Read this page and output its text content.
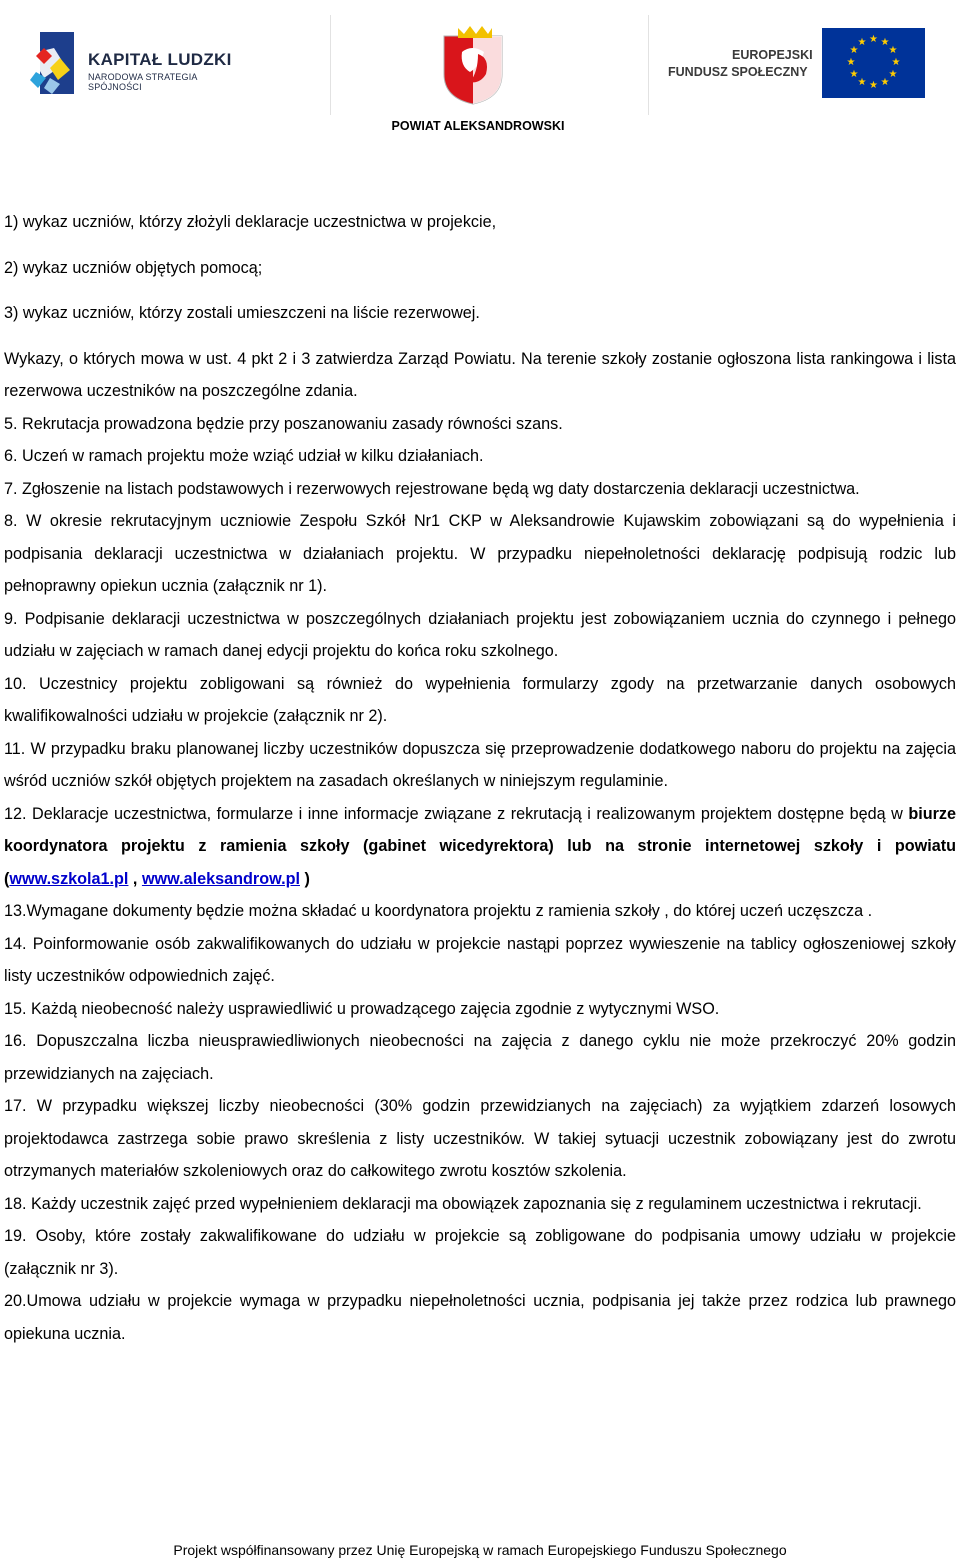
KAPITAŁ LUDZKI
NARODOWA STRATEGIA SPÓJNOŚCI
POWIAT ALEKSANDROWSKI
EUROPEJSKI
FUNDUSZ SPOŁECZNY
★ ★
★
★
★
★
★
★
★
★
★
★

1) wykaz uczniów, którzy złożyli deklaracje uczestnictwa w projekcie,

2) wykaz uczniów objętych pomocą;

3) wykaz uczniów, którzy zostali umieszczeni na liście rezerwowej.

Wykazy, o których mowa w ust. 4 pkt 2 i 3 zatwierdza Zarząd Powiatu. Na terenie szkoły zostanie ogłoszona lista rankingowa i lista rezerwowa uczestników na poszczególne zdania.

5. Rekrutacja prowadzona będzie przy poszanowaniu zasady równości szans.

6. Uczeń w ramach projektu może wziąć udział w kilku działaniach.

7. Zgłoszenie na listach podstawowych i rezerwowych rejestrowane będą wg daty dostarczenia deklaracji uczestnictwa.

8. W okresie rekrutacyjnym uczniowie Zespołu Szkół Nr1 CKP w Aleksandrowie Kujawskim zobowiązani są do wypełnienia i podpisania deklaracji uczestnictwa w działaniach projektu. W przypadku niepełnoletności deklarację podpisują rodzic lub pełnoprawny opiekun ucznia (załącznik nr 1).

9. Podpisanie deklaracji uczestnictwa w poszczególnych działaniach projektu jest zobowiązaniem ucznia do czynnego i pełnego udziału w zajęciach w ramach danej edycji projektu do końca roku szkolnego.

10. Uczestnicy projektu zobligowani są również do wypełnienia formularzy zgody na przetwarzanie danych osobowych kwalifikowalności udziału w projekcie (załącznik nr 2).

11. W przypadku braku planowanej liczby uczestników dopuszcza się przeprowadzenie dodatkowego naboru do projektu na zajęcia wśród uczniów szkół objętych projektem na zasadach określanych w niniejszym regulaminie.

12. Deklaracje uczestnictwa, formularze i inne informacje związane z rekrutacją i realizowanym projektem dostępne będą w biurze koordynatora projektu z ramienia szkoły (gabinet wicedyrektora) lub na stronie internetowej szkoły i powiatu (www.szkola1.pl , www.aleksandrow.pl )

13.Wymagane dokumenty będzie można składać u koordynatora projektu z ramienia szkoły , do której uczeń uczęszcza .

14. Poinformowanie osób zakwalifikowanych do udziału w projekcie nastąpi poprzez wywieszenie na tablicy ogłoszeniowej szkoły listy uczestników odpowiednich zajęć.

15. Każdą nieobecność należy usprawiedliwić u prowadzącego zajęcia zgodnie z wytycznymi WSO.

16. Dopuszczalna liczba nieusprawiedliwionych nieobecności na zajęcia z danego cyklu nie może przekroczyć 20% godzin przewidzianych na zajęciach.

17. W przypadku większej liczby nieobecności (30% godzin przewidzianych na zajęciach) za wyjątkiem zdarzeń losowych projektodawca zastrzega sobie prawo skreślenia z listy uczestników. W takiej sytuacji uczestnik zobowiązany jest do zwrotu otrzymanych materiałów szkoleniowych oraz do całkowitego zwrotu kosztów szkolenia.

18. Każdy uczestnik zajęć przed wypełnieniem deklaracji ma obowiązek zapoznania się z regulaminem uczestnictwa i rekrutacji.

19. Osoby, które zostały zakwalifikowane do udziału w projekcie są zobligowane do podpisania umowy udziału w projekcie (załącznik nr 3).

20.Umowa udziału w projekcie wymaga w przypadku niepełnoletności ucznia, podpisania jej także przez rodzica lub prawnego opiekuna ucznia.

Projekt współfinansowany przez Unię Europejską w ramach Europejskiego Funduszu Społecznego
